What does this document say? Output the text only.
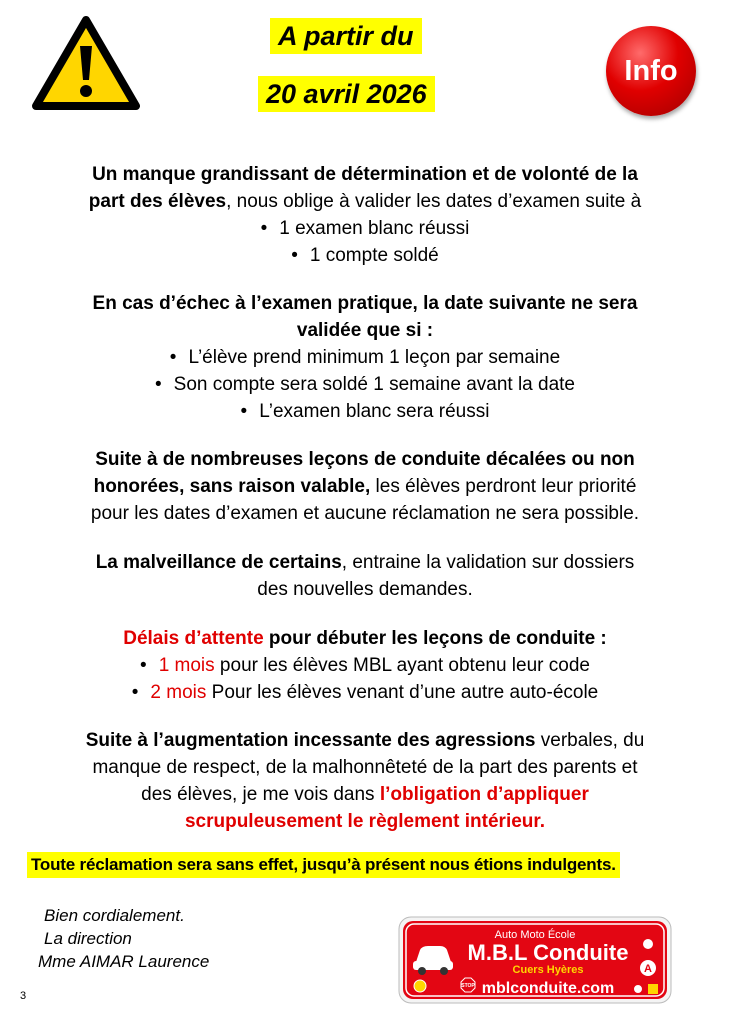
A partir du
20 avril 2026
Info
Un manque grandissant de détermination et de volonté de la
part des élèves, nous oblige à valider les dates d’examen suite à
• 1 examen blanc réussi
• 1 compte soldé
En cas d’échec à l’examen pratique, la date suivante ne sera
validée que si :
• L’élève prend minimum 1 leçon par semaine
• Son compte sera soldé 1 semaine avant la date
• L’examen blanc sera réussi
Suite à de nombreuses leçons de conduite décalées ou non
honorées, sans raison valable, les élèves perdront leur priorité
pour les dates d’examen et aucune réclamation ne sera possible.
La malveillance de certains, entraine la validation sur dossiers
des nouvelles demandes.
Délais d’attente pour débuter les leçons de conduite :
• 1 mois pour les élèves MBL ayant obtenu leur code
• 2 mois Pour les élèves venant d’une autre auto-école
Suite à l’augmentation incessante des agressions verbales, du
manque de respect, de la malhonnêteté de la part des parents et
des élèves, je me vois dans l’obligation d’appliquer
scrupuleusement le règlement intérieur.
Toute réclamation sera sans effet, jusqu’à présent nous étions indulgents.
Bien cordialement.
La direction
Mme AIMAR Laurence
3
Auto Moto École
M.B.L Conduite
Cuers Hyères
mblconduite.com
STOP
A
